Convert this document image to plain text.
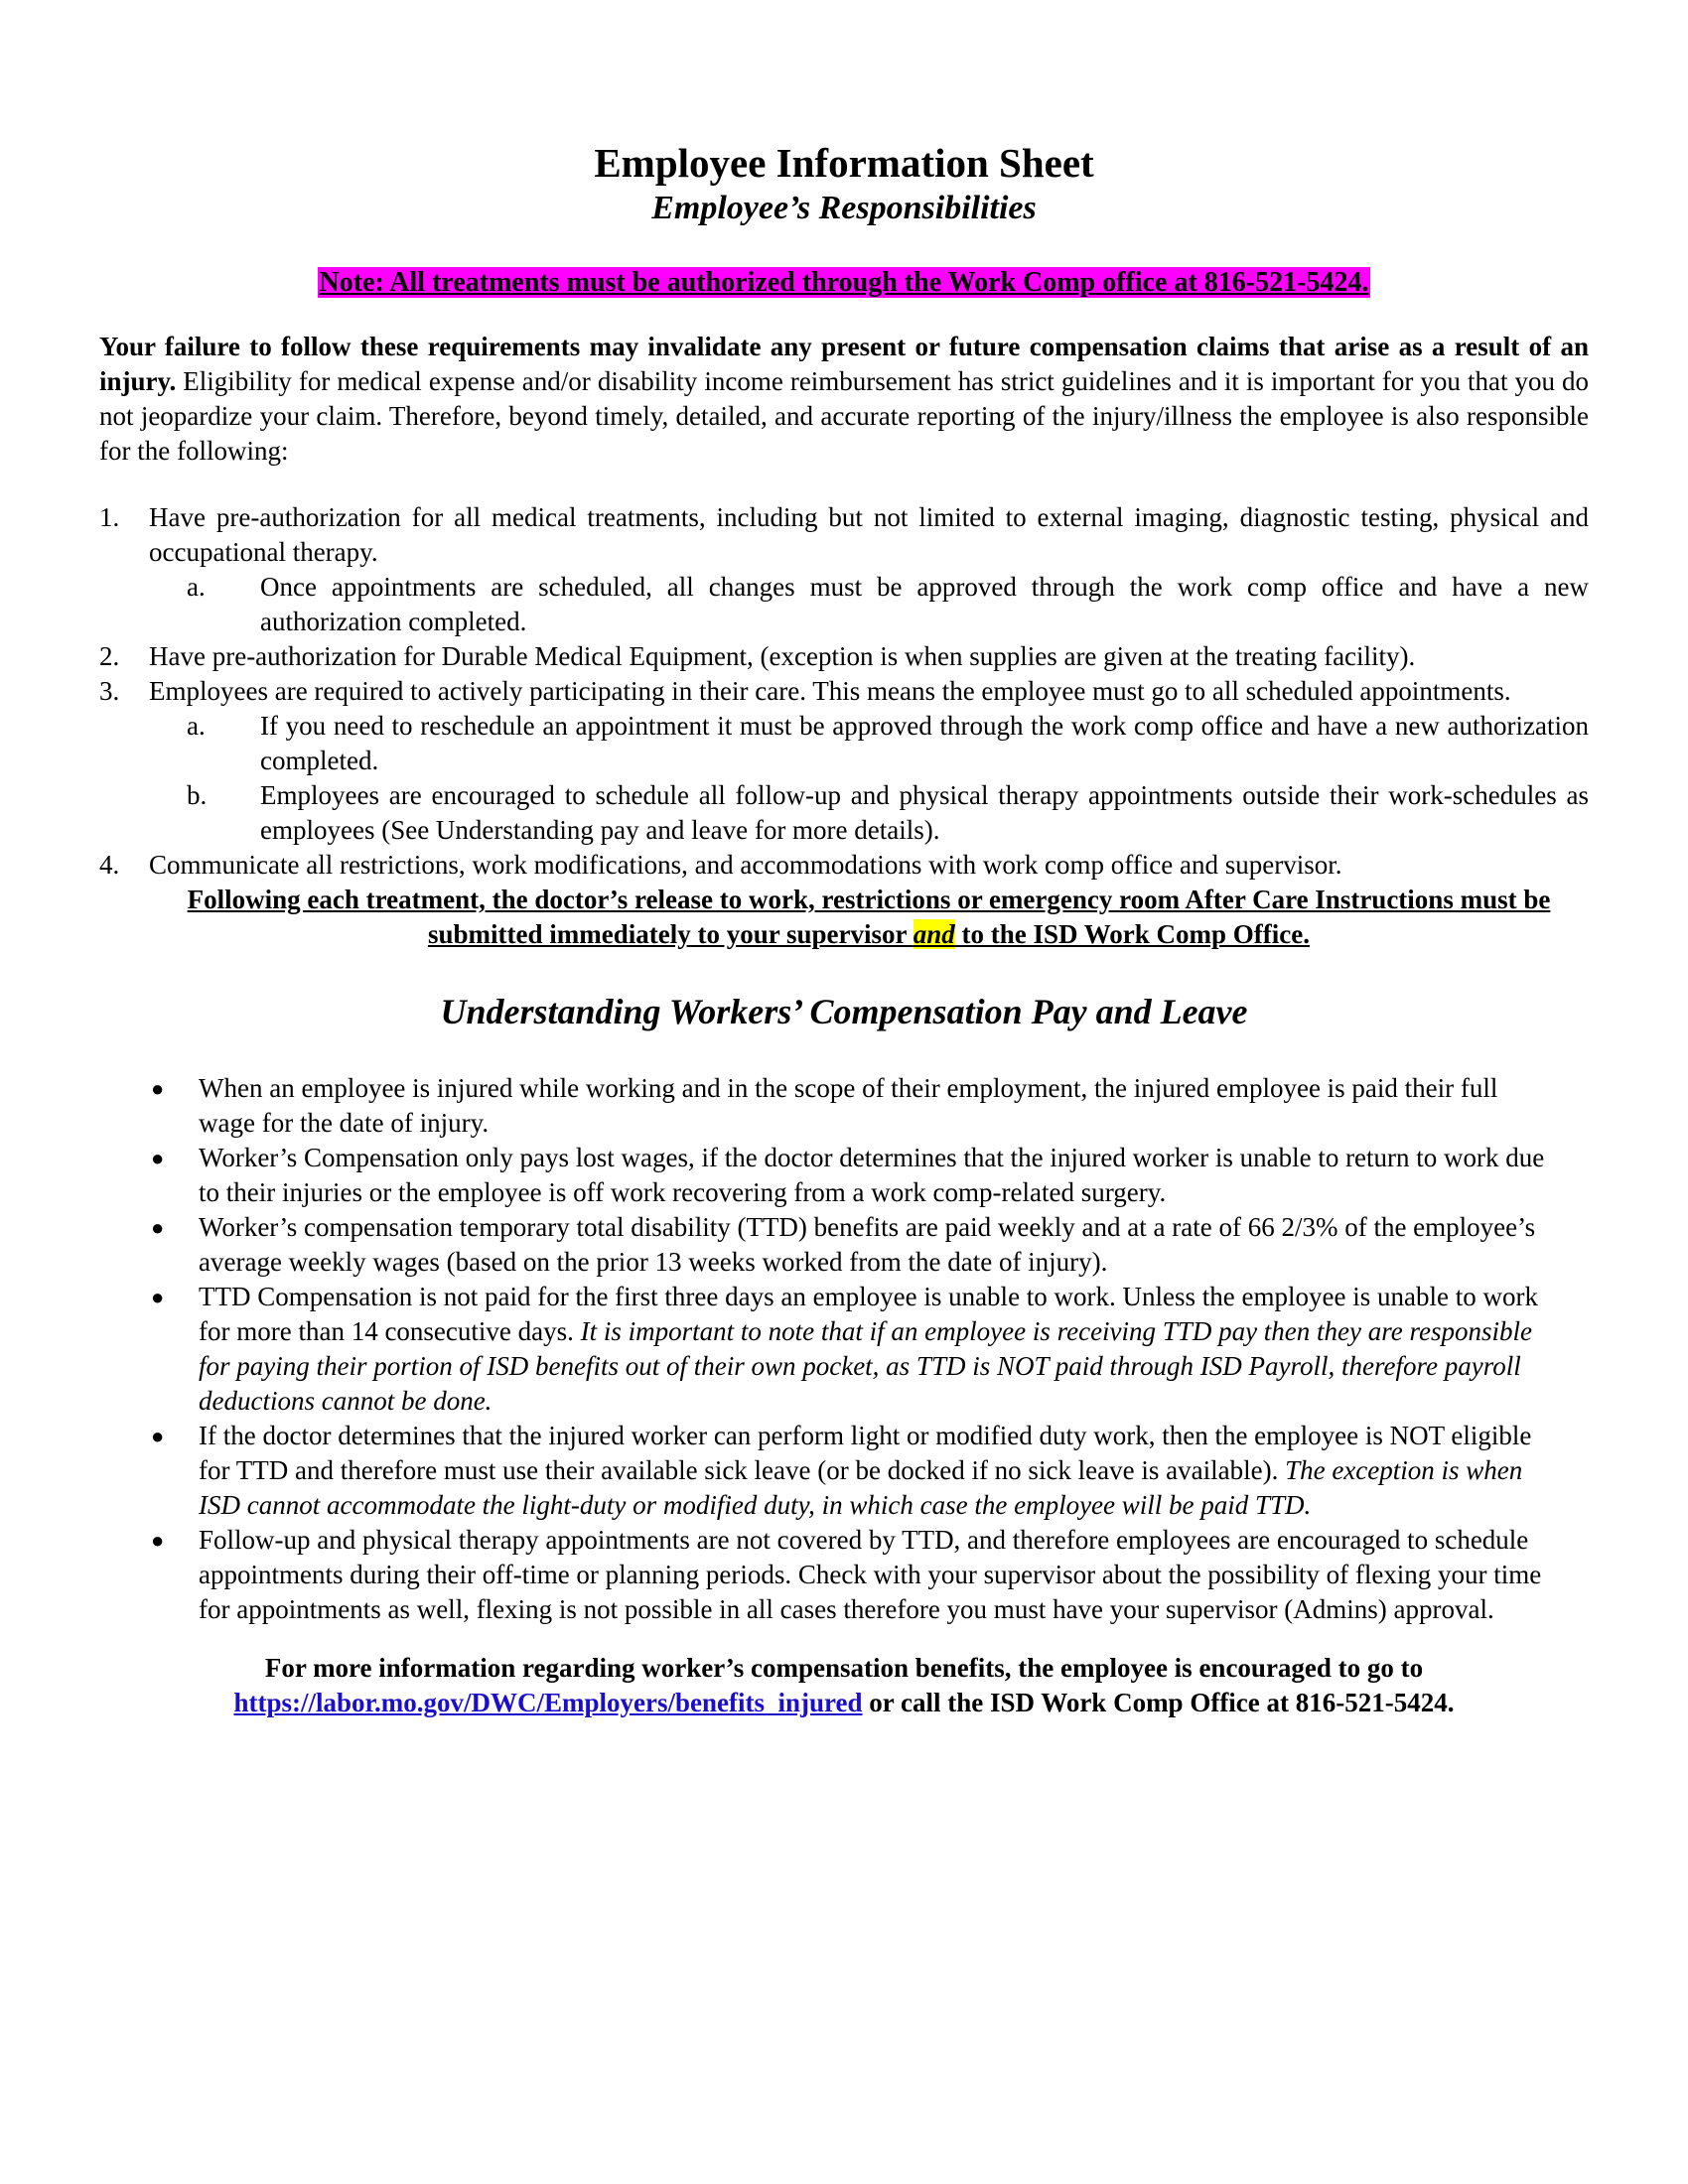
Employee Information Sheet
Employee’s Responsibilities
Note: All treatments must be authorized through the Work Comp office at 816-521-5424.

Your failure to follow these requirements may invalidate any present or future compensation claims that arise as a result of an injury. Eligibility for medical expense and/or disability income reimbursement has strict guidelines and it is important for you that you do not jeopardize your claim. Therefore, beyond timely, detailed, and accurate reporting of the injury/illness the employee is also responsible for the following:

1. Have pre-authorization for all medical treatments, including but not limited to external imaging, diagnostic testing, physical and occupational therapy.
a. Once appointments are scheduled, all changes must be approved through the work comp office and have a new authorization completed.
2. Have pre-authorization for Durable Medical Equipment, (exception is when supplies are given at the treating facility).
3. Employees are required to actively participating in their care. This means the employee must go to all scheduled appointments.
a. If you need to reschedule an appointment it must be approved through the work comp office and have a new authorization completed.
b. Employees are encouraged to schedule all follow-up and physical therapy appointments outside their work-schedules as employees (See Understanding pay and leave for more details).
4. Communicate all restrictions, work modifications, and accommodations with work comp office and supervisor.
Following each treatment, the doctor’s release to work, restrictions or emergency room After Care Instructions must be submitted immediately to your supervisor and to the ISD Work Comp Office.
Understanding Workers’ Compensation Pay and Leave
● When an employee is injured while working and in the scope of their employment, the injured employee is paid their full wage for the date of injury.
● Worker’s Compensation only pays lost wages, if the doctor determines that the injured worker is unable to return to work due to their injuries or the employee is off work recovering from a work comp-related surgery.
● Worker’s compensation temporary total disability (TTD) benefits are paid weekly and at a rate of 66 2/3% of the employee’s average weekly wages (based on the prior 13 weeks worked from the date of injury).
● TTD Compensation is not paid for the first three days an employee is unable to work. Unless the employee is unable to work for more than 14 consecutive days. It is important to note that if an employee is receiving TTD pay then they are responsible for paying their portion of ISD benefits out of their own pocket, as TTD is NOT paid through ISD Payroll, therefore payroll deductions cannot be done.
● If the doctor determines that the injured worker can perform light or modified duty work, then the employee is NOT eligible for TTD and therefore must use their available sick leave (or be docked if no sick leave is available). The exception is when ISD cannot accommodate the light-duty or modified duty, in which case the employee will be paid TTD.
● Follow-up and physical therapy appointments are not covered by TTD, and therefore employees are encouraged to schedule appointments during their off-time or planning periods. Check with your supervisor about the possibility of flexing your time for appointments as well, flexing is not possible in all cases therefore you must have your supervisor (Admins) approval.
For more information regarding worker’s compensation benefits, the employee is encouraged to go to
https://labor.mo.gov/DWC/Employers/benefits_injured or call the ISD Work Comp Office at 816-521-5424.
